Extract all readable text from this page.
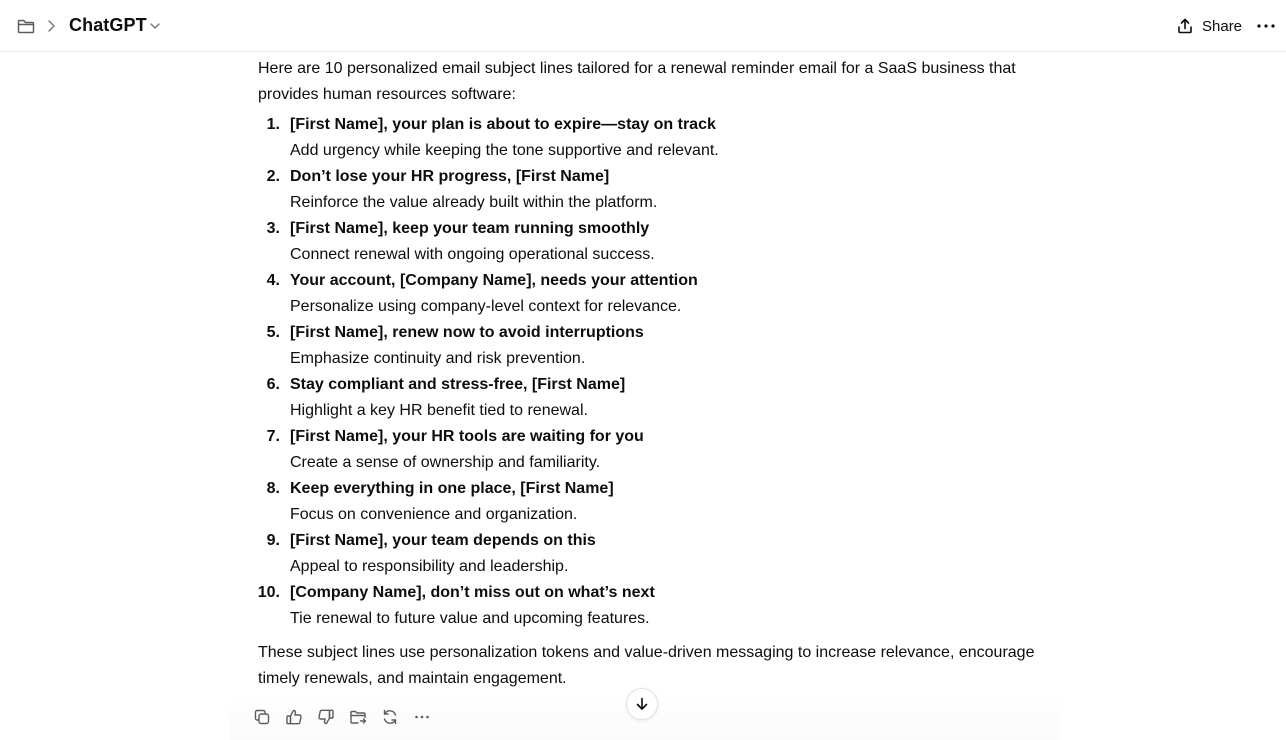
ChatGPT	Share

Here are 10 personalized email subject lines tailored for a renewal reminder email for a SaaS business that provides human resources software:

1. [First Name], your plan is about to expire—stay on track
Add urgency while keeping the tone supportive and relevant.
2. Don’t lose your HR progress, [First Name]
Reinforce the value already built within the platform.
3. [First Name], keep your team running smoothly
Connect renewal with ongoing operational success.
4. Your account, [Company Name], needs your attention
Personalize using company-level context for relevance.
5. [First Name], renew now to avoid interruptions
Emphasize continuity and risk prevention.
6. Stay compliant and stress-free, [First Name]
Highlight a key HR benefit tied to renewal.
7. [First Name], your HR tools are waiting for you
Create a sense of ownership and familiarity.
8. Keep everything in one place, [First Name]
Focus on convenience and organization.
9. [First Name], your team depends on this
Appeal to responsibility and leadership.
10. [Company Name], don’t miss out on what’s next
Tie renewal to future value and upcoming features.

These subject lines use personalization tokens and value-driven messaging to increase relevance, encourage timely renewals, and maintain engagement.
